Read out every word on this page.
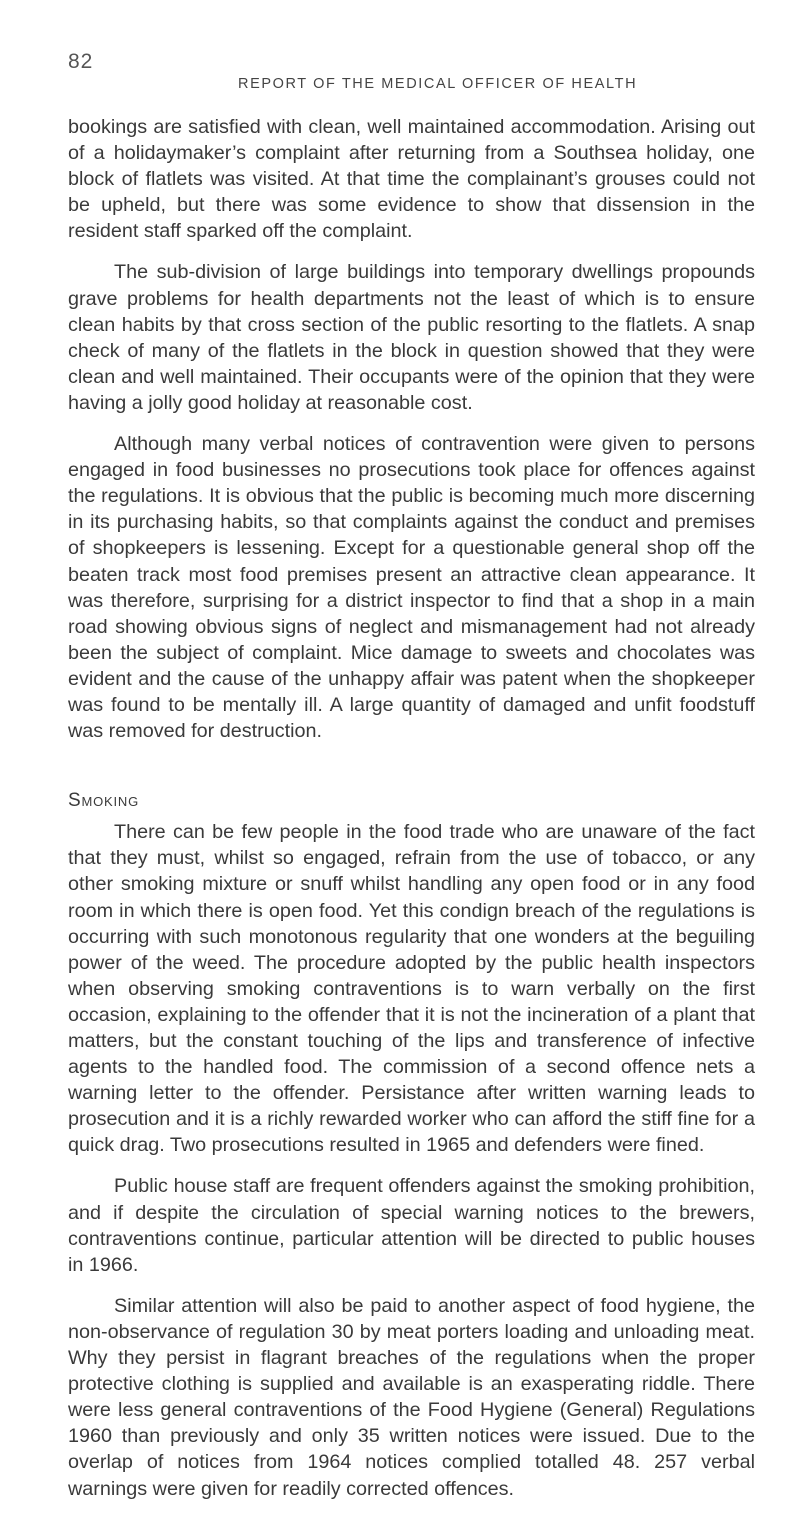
82
REPORT OF THE MEDICAL OFFICER OF HEALTH

bookings are satisfied with clean, well maintained accommodation. Arising out of a holidaymaker’s complaint after returning from a Southsea holiday, one block of flatlets was visited. At that time the complainant’s grouses could not be upheld, but there was some evidence to show that dissension in the resident staff sparked off the complaint.

The sub-division of large buildings into temporary dwellings propounds grave problems for health departments not the least of which is to ensure clean habits by that cross section of the public resorting to the flatlets. A snap check of many of the flatlets in the block in question showed that they were clean and well maintained. Their occupants were of the opinion that they were having a jolly good holiday at reasonable cost.

Although many verbal notices of contravention were given to persons engaged in food businesses no prosecutions took place for offences against the regulations. It is obvious that the public is becoming much more discerning in its purchasing habits, so that complaints against the conduct and premises of shopkeepers is lessening. Except for a questionable general shop off the beaten track most food premises present an attractive clean appearance. It was therefore, surprising for a district inspector to find that a shop in a main road showing obvious signs of neglect and mismanagement had not already been the subject of complaint. Mice damage to sweets and chocolates was evident and the cause of the unhappy affair was patent when the shopkeeper was found to be mentally ill. A large quantity of damaged and unfit foodstuff was removed for destruction.

Smoking

There can be few people in the food trade who are unaware of the fact that they must, whilst so engaged, refrain from the use of tobacco, or any other smoking mixture or snuff whilst handling any open food or in any food room in which there is open food. Yet this condign breach of the regulations is occurring with such monotonous regularity that one wonders at the beguiling power of the weed. The procedure adopted by the public health inspectors when observing smoking contraventions is to warn verbally on the first occasion, explaining to the offender that it is not the incineration of a plant that matters, but the constant touching of the lips and transference of infective agents to the handled food. The commission of a second offence nets a warning letter to the offender. Persistance after written warning leads to prosecution and it is a richly rewarded worker who can afford the stiff fine for a quick drag. Two prosecutions resulted in 1965 and defenders were fined.

Public house staff are frequent offenders against the smoking prohibition, and if despite the circulation of special warning notices to the brewers, contraventions continue, particular attention will be directed to public houses in 1966.

Similar attention will also be paid to another aspect of food hygiene, the non-observance of regulation 30 by meat porters loading and unloading meat. Why they persist in flagrant breaches of the regulations when the proper protective clothing is supplied and available is an exasperating riddle. There were less general contraventions of the Food Hygiene (General) Regulations 1960 than previously and only 35 written notices were issued. Due to the overlap of notices from 1964 notices complied totalled 48. 257 verbal warnings were given for readily corrected offences.
